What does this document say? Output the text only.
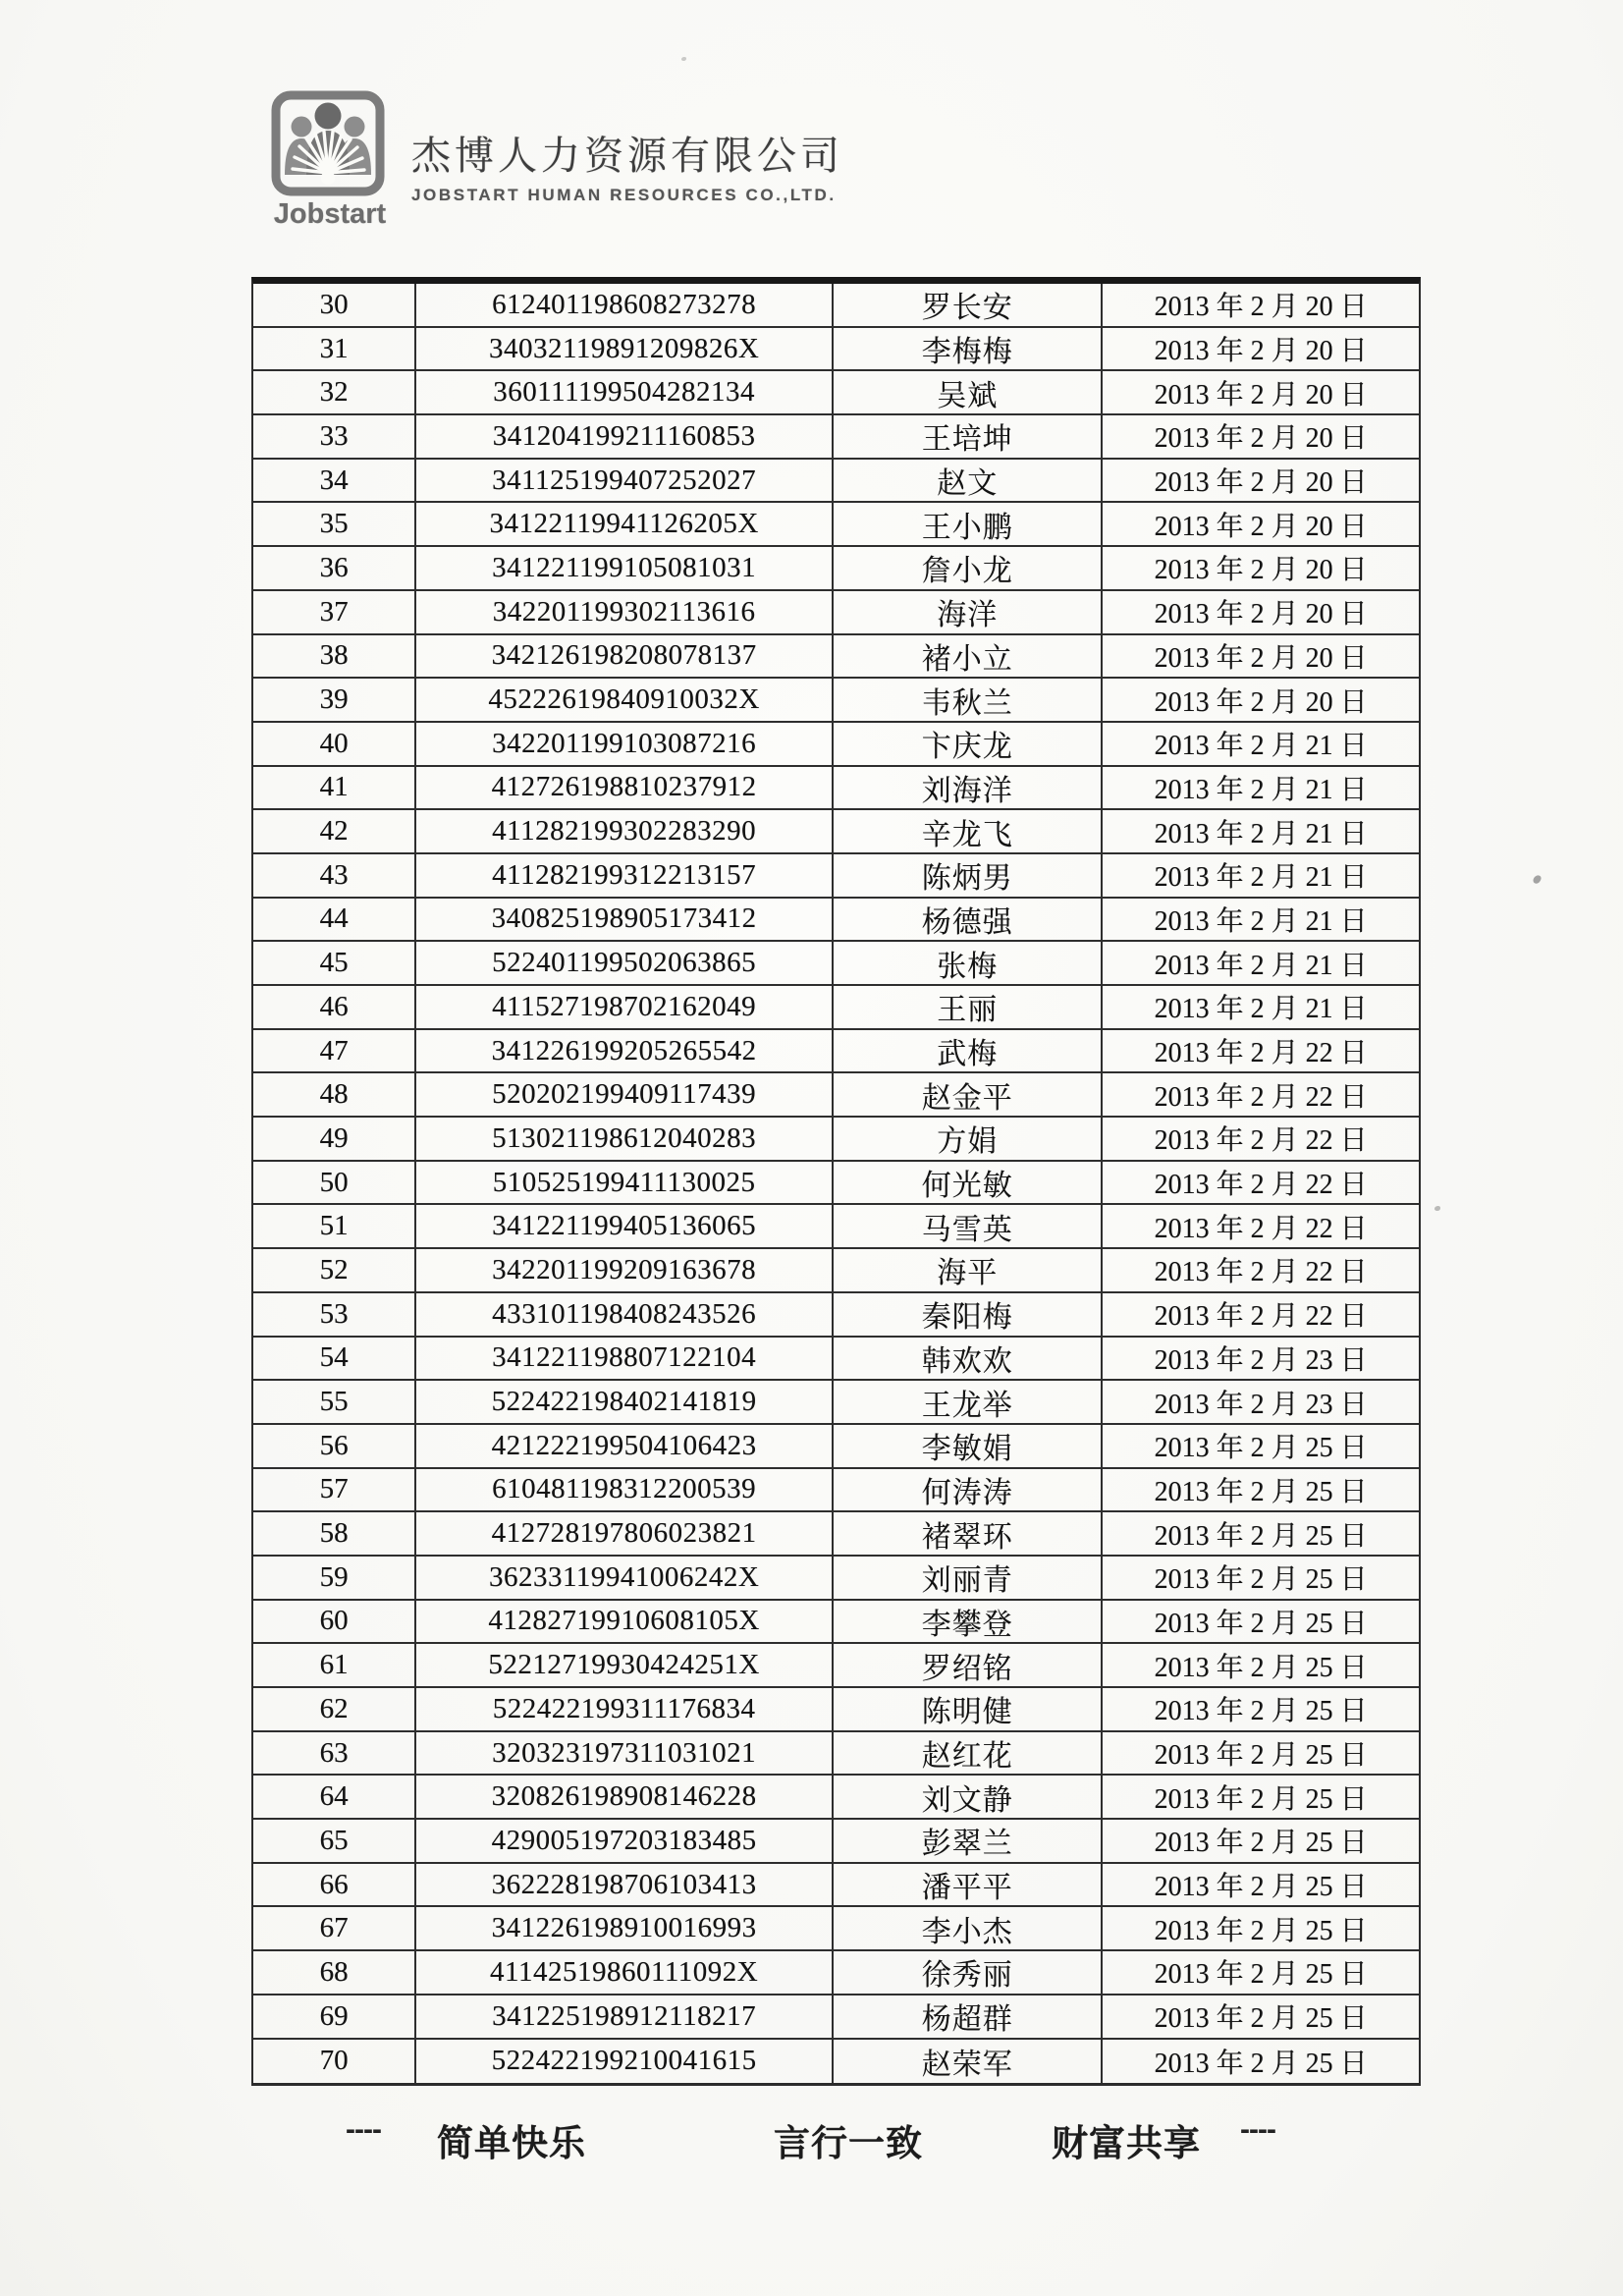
Jobstart
杰博人力资源有限公司
JOBSTART HUMAN RESOURCES CO.,LTD.
30	612401198608273278	罗长安	2013 年 2 月 20 日
31	34032119891209826X	李梅梅	2013 年 2 月 20 日
32	360111199504282134	吴斌	2013 年 2 月 20 日
33	341204199211160853	王培坤	2013 年 2 月 20 日
34	341125199407252027	赵文	2013 年 2 月 20 日
35	34122119941126205X	王小鹏	2013 年 2 月 20 日
36	341221199105081031	詹小龙	2013 年 2 月 20 日
37	342201199302113616	海洋	2013 年 2 月 20 日
38	342126198208078137	褚小立	2013 年 2 月 20 日
39	45222619840910032X	韦秋兰	2013 年 2 月 20 日
40	342201199103087216	卞庆龙	2013 年 2 月 21 日
41	412726198810237912	刘海洋	2013 年 2 月 21 日
42	411282199302283290	辛龙飞	2013 年 2 月 21 日
43	411282199312213157	陈炳男	2013 年 2 月 21 日
44	340825198905173412	杨德强	2013 年 2 月 21 日
45	522401199502063865	张梅	2013 年 2 月 21 日
46	411527198702162049	王丽	2013 年 2 月 21 日
47	341226199205265542	武梅	2013 年 2 月 22 日
48	520202199409117439	赵金平	2013 年 2 月 22 日
49	513021198612040283	方娟	2013 年 2 月 22 日
50	510525199411130025	何光敏	2013 年 2 月 22 日
51	341221199405136065	马雪英	2013 年 2 月 22 日
52	342201199209163678	海平	2013 年 2 月 22 日
53	433101198408243526	秦阳梅	2013 年 2 月 22 日
54	341221198807122104	韩欢欢	2013 年 2 月 23 日
55	522422198402141819	王龙举	2013 年 2 月 23 日
56	421222199504106423	李敏娟	2013 年 2 月 25 日
57	610481198312200539	何涛涛	2013 年 2 月 25 日
58	412728197806023821	褚翠环	2013 年 2 月 25 日
59	36233119941006242X	刘丽青	2013 年 2 月 25 日
60	41282719910608105X	李攀登	2013 年 2 月 25 日
61	52212719930424251X	罗绍铭	2013 年 2 月 25 日
62	522422199311176834	陈明健	2013 年 2 月 25 日
63	320323197311031021	赵红花	2013 年 2 月 25 日
64	320826198908146228	刘文静	2013 年 2 月 25 日
65	429005197203183485	彭翠兰	2013 年 2 月 25 日
66	362228198706103413	潘平平	2013 年 2 月 25 日
67	341226198910016993	李小杰	2013 年 2 月 25 日
68	41142519860111092X	徐秀丽	2013 年 2 月 25 日
69	341225198912118217	杨超群	2013 年 2 月 25 日
70	522422199210041615	赵荣军	2013 年 2 月 25 日
---- 简单快乐	言行一致	财富共享 ----
